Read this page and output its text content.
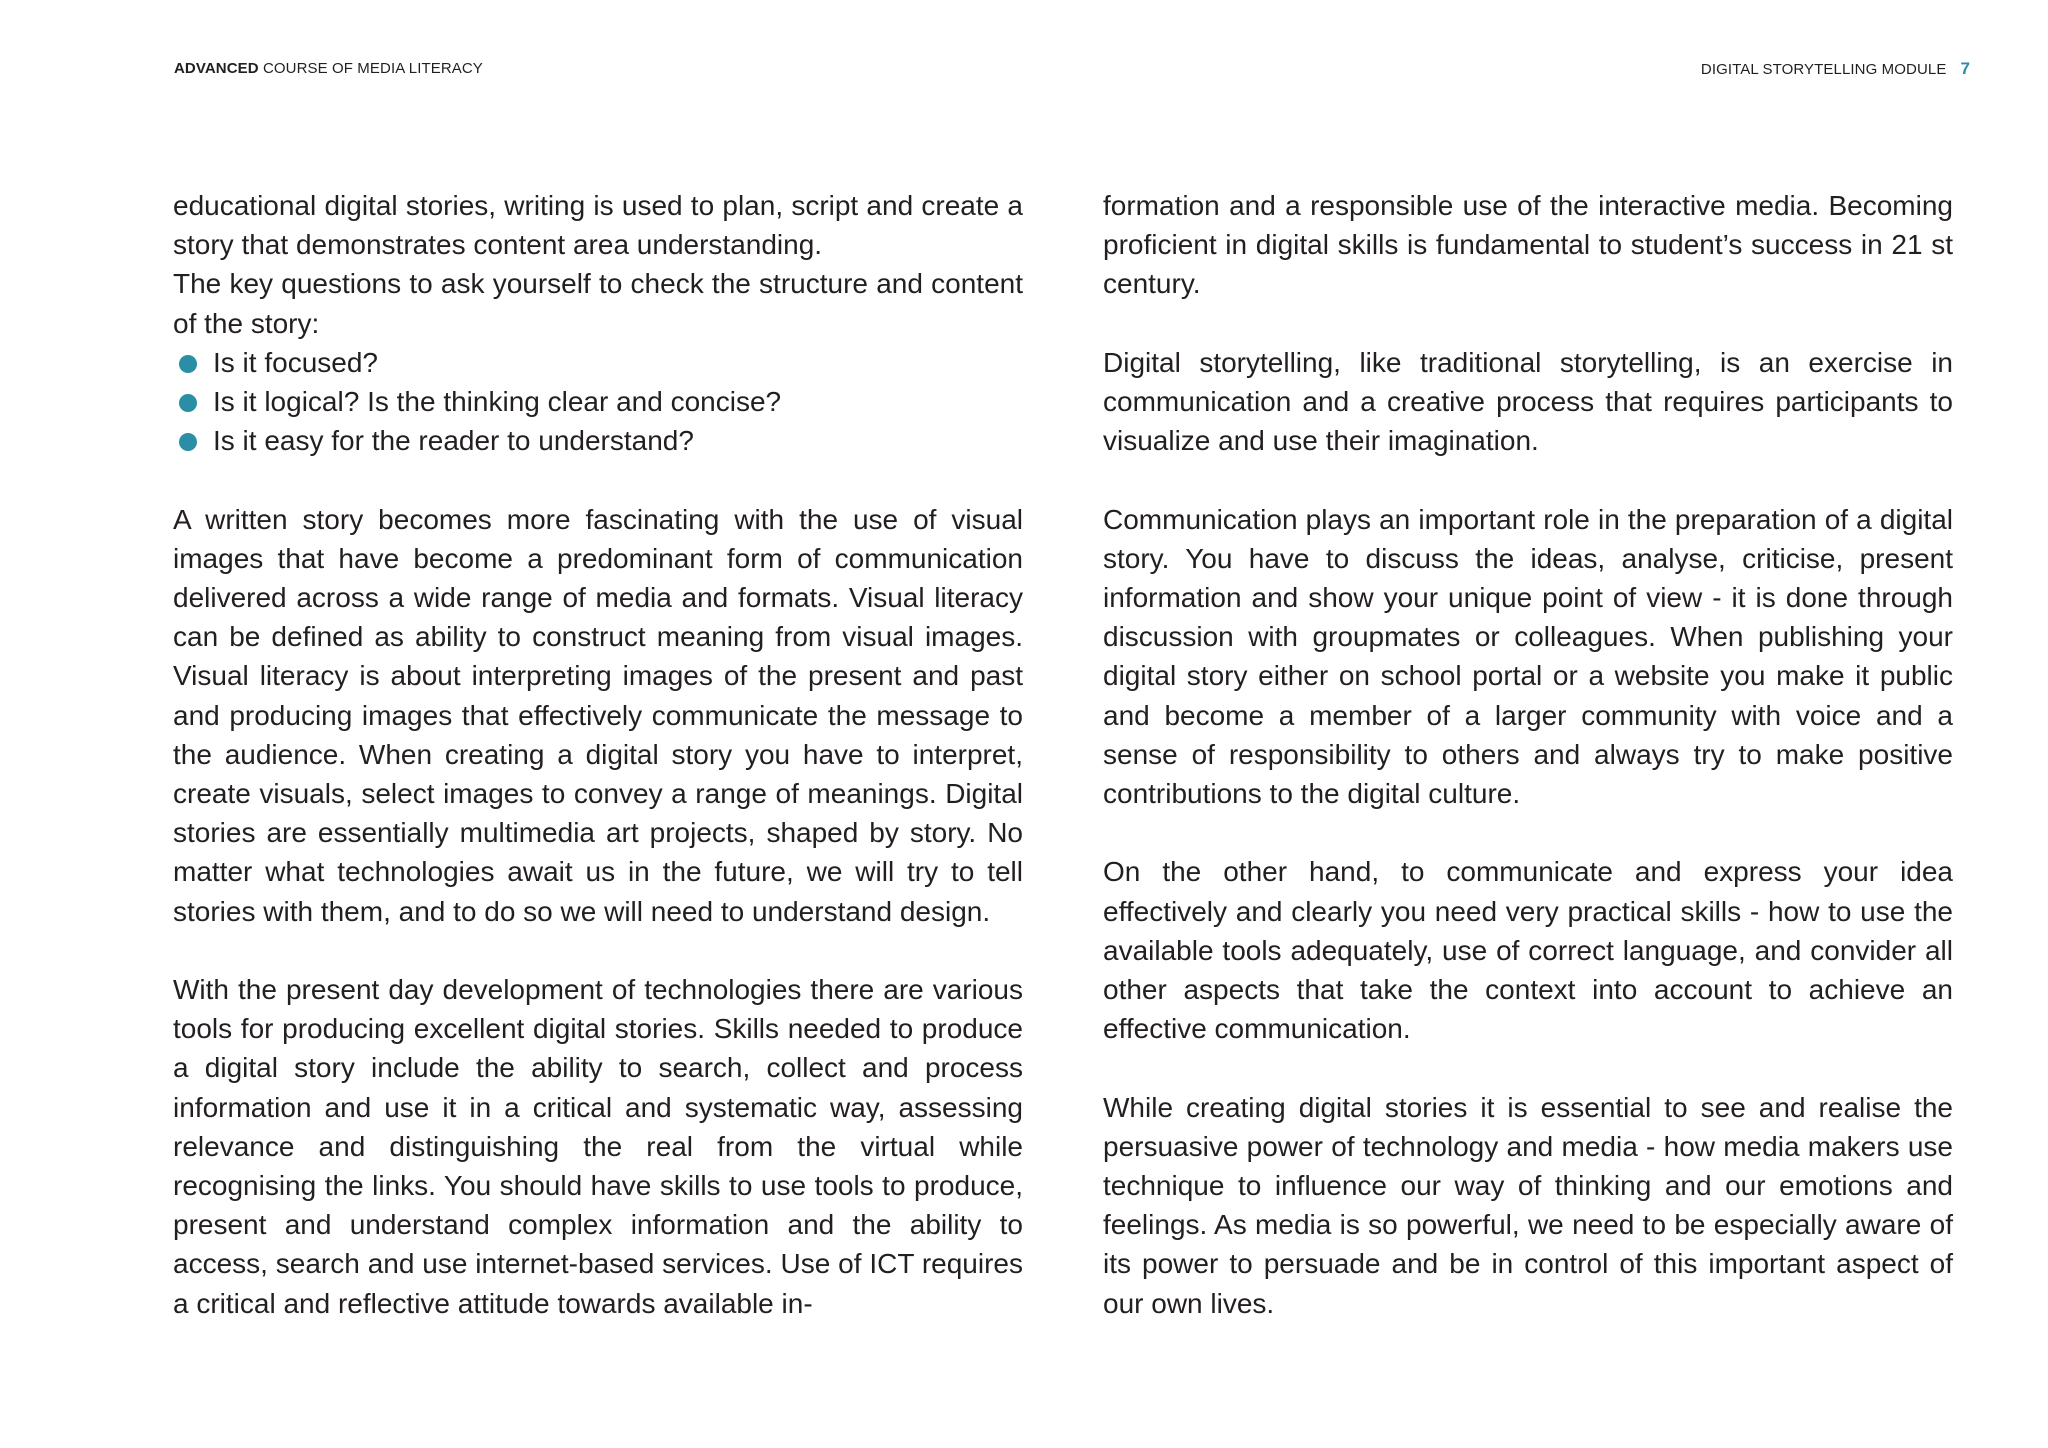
ADVANCED COURSE OF MEDIA LITERACY	DIGITAL STORYTELLING MODULE 7

educational digital stories, writing is used to plan, script and create a story that demonstrates content area understanding.

The key questions to ask yourself to check the structure and content of the story:

Is it focused?
Is it logical? Is the thinking clear and concise?
Is it easy for the reader to understand?

A written story becomes more fascinating with the use of visual images that have become a predominant form of communication delivered across a wide range of media and formats. Visual literacy can be defined as ability to construct meaning from visual images. Visual literacy is about interpreting images of the present and past and producing images that effectively communicate the message to the audience. When creating a digital story you have to interpret, create visuals, select images to convey a range of meanings. Digital stories are essentially multimedia art projects, shaped by story. No matter what technologies await us in the future, we will try to tell stories with them, and to do so we will need to understand design.

With the present day development of technologies there are various tools for producing excellent digital stories. Skills needed to produce a digital story include the ability to search, collect and process information and use it in a critical and systematic way, assessing relevance and distinguishing the real from the virtual while recognising the links. You should have skills to use tools to produce, present and understand complex information and the ability to access, search and use internet-based services. Use of ICT requires a critical and reflective attitude towards available in-

formation and a responsible use of the interactive media. Becoming proficient in digital skills is fundamental to student’s success in 21 st century.

Digital storytelling, like traditional storytelling, is an exercise in communication and a creative process that requires participants to visualize and use their imagination.

Communication plays an important role in the preparation of a digital story. You have to discuss the ideas, analyse, criticise, present information and show your unique point of view - it is done through discussion with groupmates or colleagues. When publishing your digital story either on school portal or a website you make it public and become a member of a larger community with voice and a sense of responsibility to others and always try to make positive contributions to the digital culture.

On the other hand, to communicate and express your idea effectively and clearly you need very practical skills - how to use the available tools adequately, use of correct language, and convider all other aspects that take the context into account to achieve an effective communication.

While creating digital stories it is essential to see and realise the persuasive power of technology and media - how media makers use technique to influence our way of thinking and our emotions and feelings. As media is so powerful, we need to be especially aware of its power to persuade and be in control of this important aspect of our own lives.
